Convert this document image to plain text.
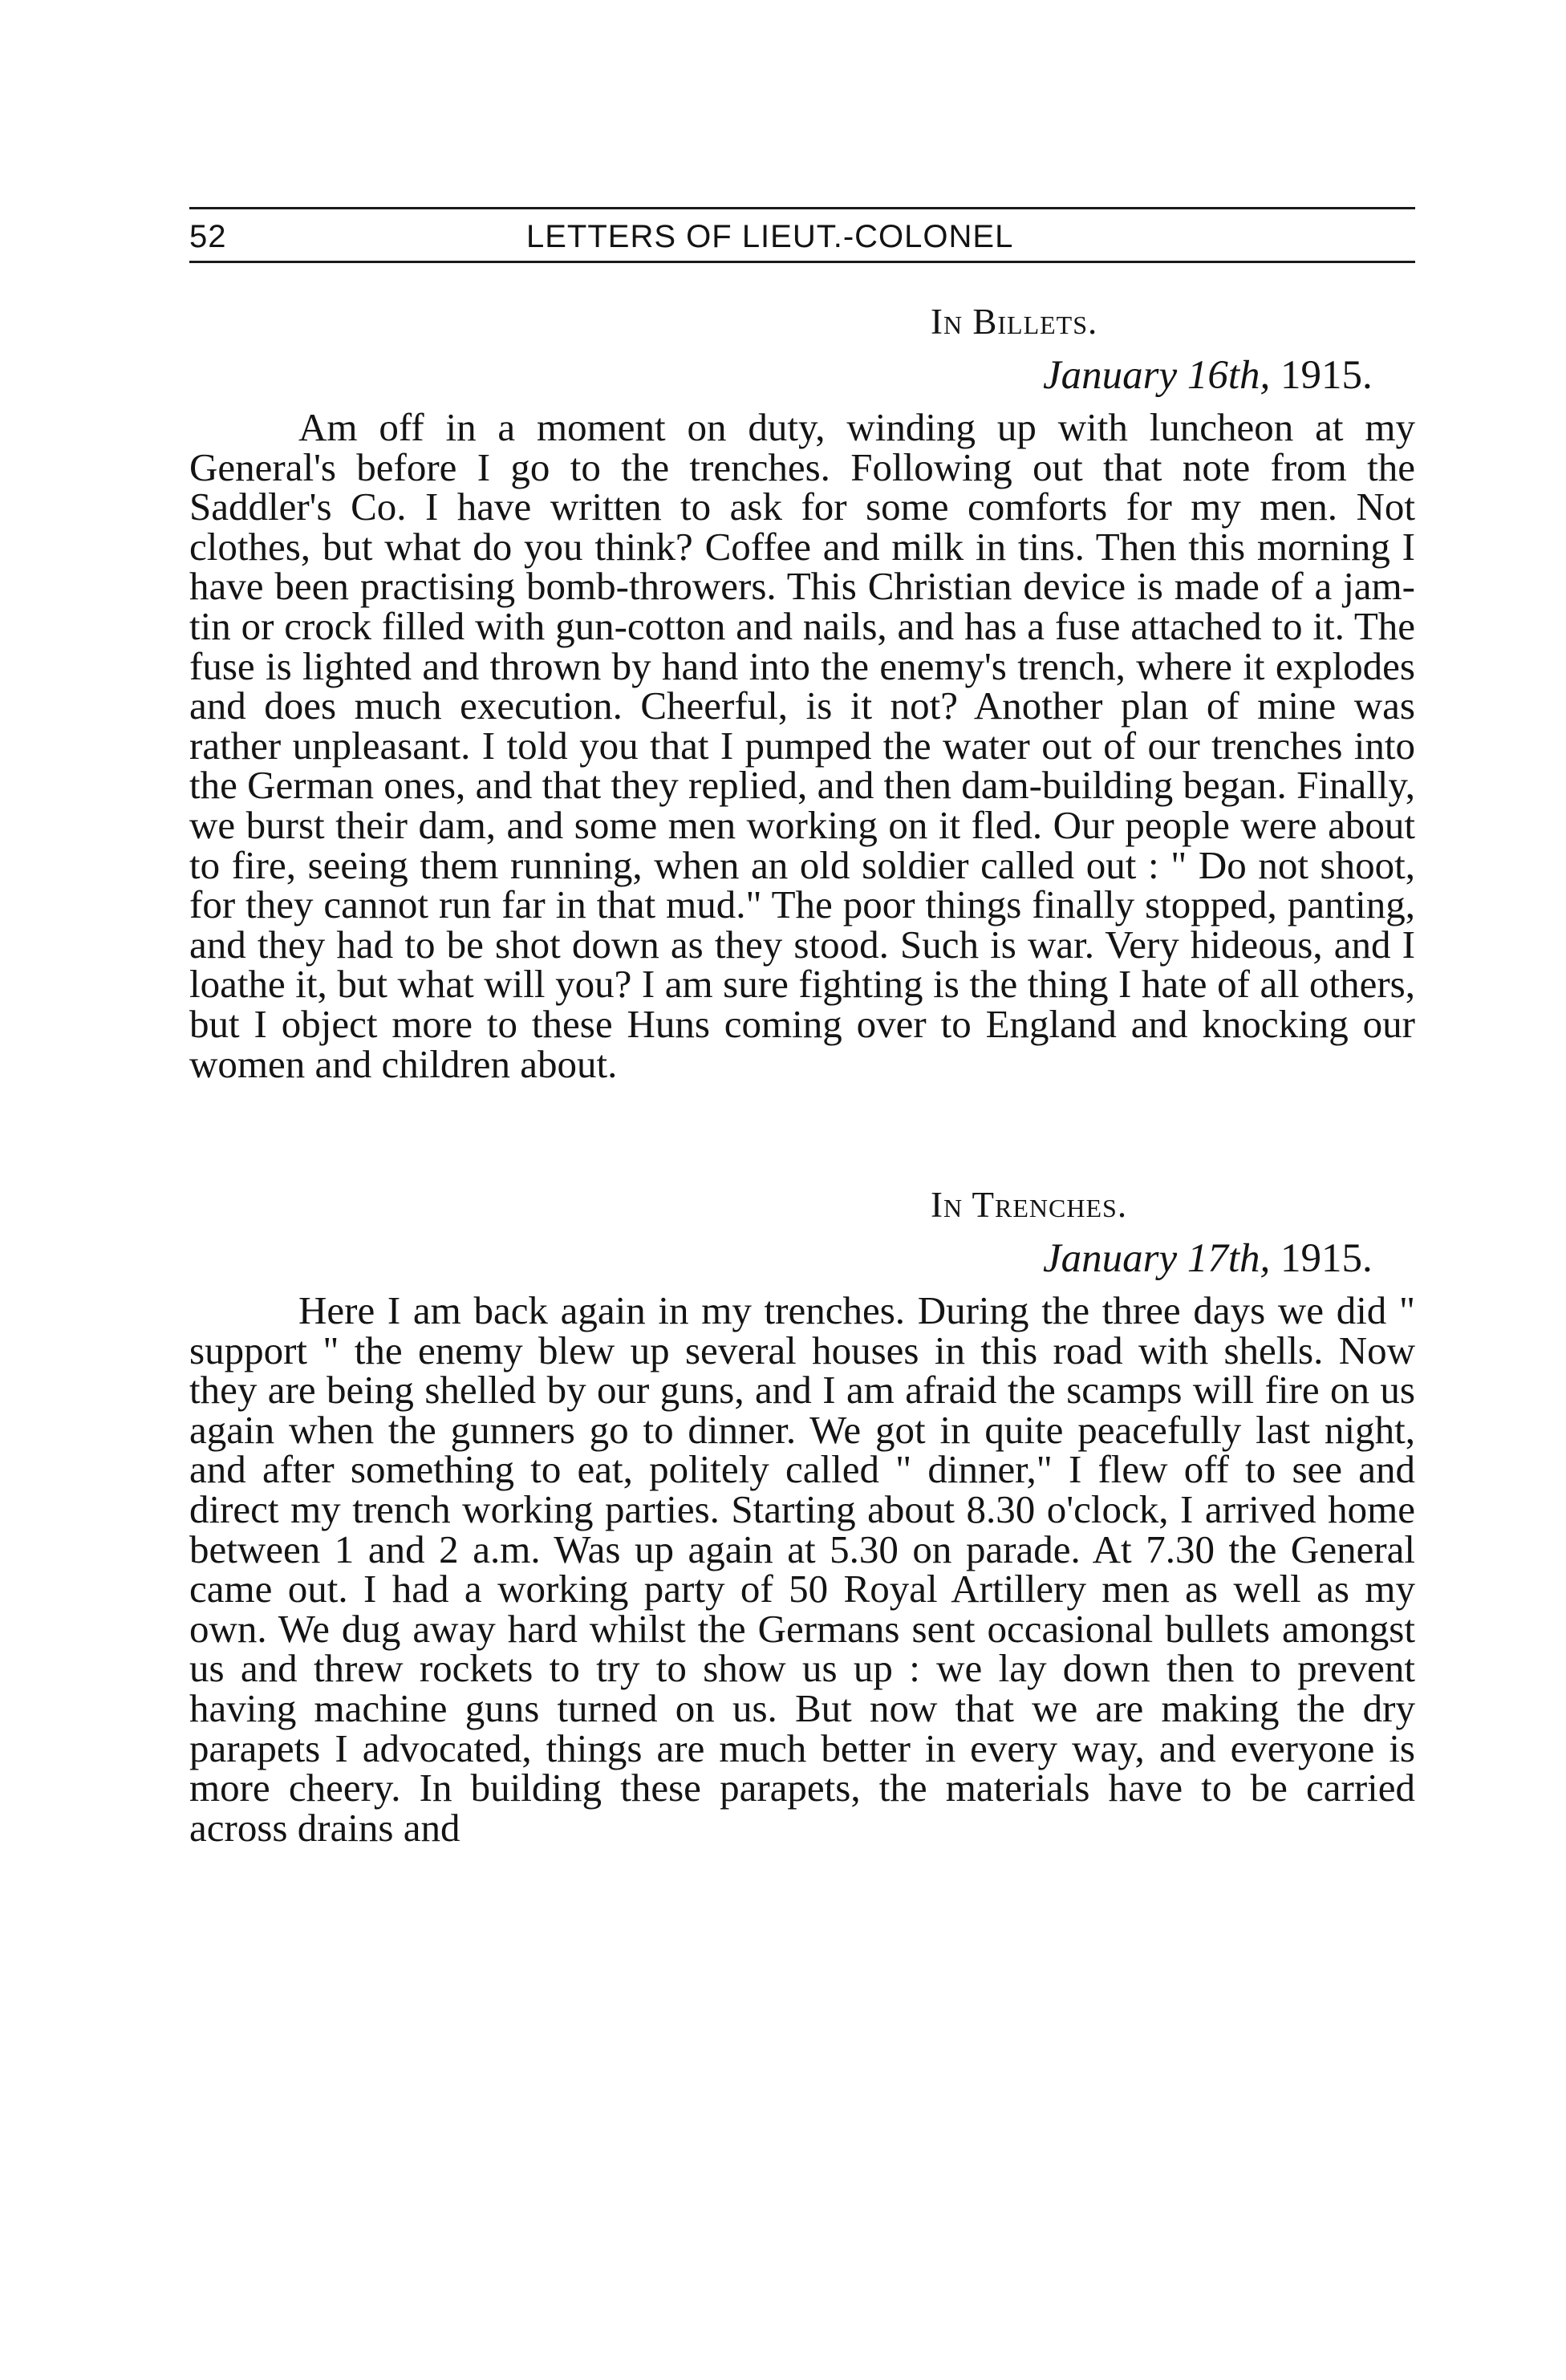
52	LETTERS OF LIEUT.-COLONEL
In Billets.
January 16th, 1915.

Am off in a moment on duty, winding up with luncheon at my General's before I go to the trenches. Following out that note from the Saddler's Co. I have written to ask for some comforts for my men. Not clothes, but what do you think? Coffee and milk in tins. Then this morning I have been practising bomb-throwers. This Christian device is made of a jam-tin or crock filled with gun-cotton and nails, and has a fuse attached to it. The fuse is lighted and thrown by hand into the enemy's trench, where it explodes and does much execution. Cheerful, is it not? Another plan of mine was rather unpleasant. I told you that I pumped the water out of our trenches into the German ones, and that they replied, and then dam-building began. Finally, we burst their dam, and some men working on it fled. Our people were about to fire, seeing them running, when an old soldier called out : " Do not shoot, for they cannot run far in that mud." The poor things finally stopped, panting, and they had to be shot down as they stood. Such is war. Very hideous, and I loathe it, but what will you? I am sure fighting is the thing I hate of all others, but I object more to these Huns coming over to England and knocking our women and children about.

In Trenches.
January 17th, 1915.

Here I am back again in my trenches. During the three days we did " support " the enemy blew up several houses in this road with shells. Now they are being shelled by our guns, and I am afraid the scamps will fire on us again when the gunners go to dinner. We got in quite peacefully last night, and after something to eat, politely called " dinner," I flew off to see and direct my trench working parties. Starting about 8.30 o'clock, I arrived home between 1 and 2 a.m. Was up again at 5.30 on parade. At 7.30 the General came out. I had a working party of 50 Royal Artillery men as well as my own. We dug away hard whilst the Germans sent occasional bullets amongst us and threw rockets to try to show us up : we lay down then to prevent having machine guns turned on us. But now that we are making the dry parapets I advocated, things are much better in every way, and everyone is more cheery. In building these parapets, the materials have to be carried across drains and
